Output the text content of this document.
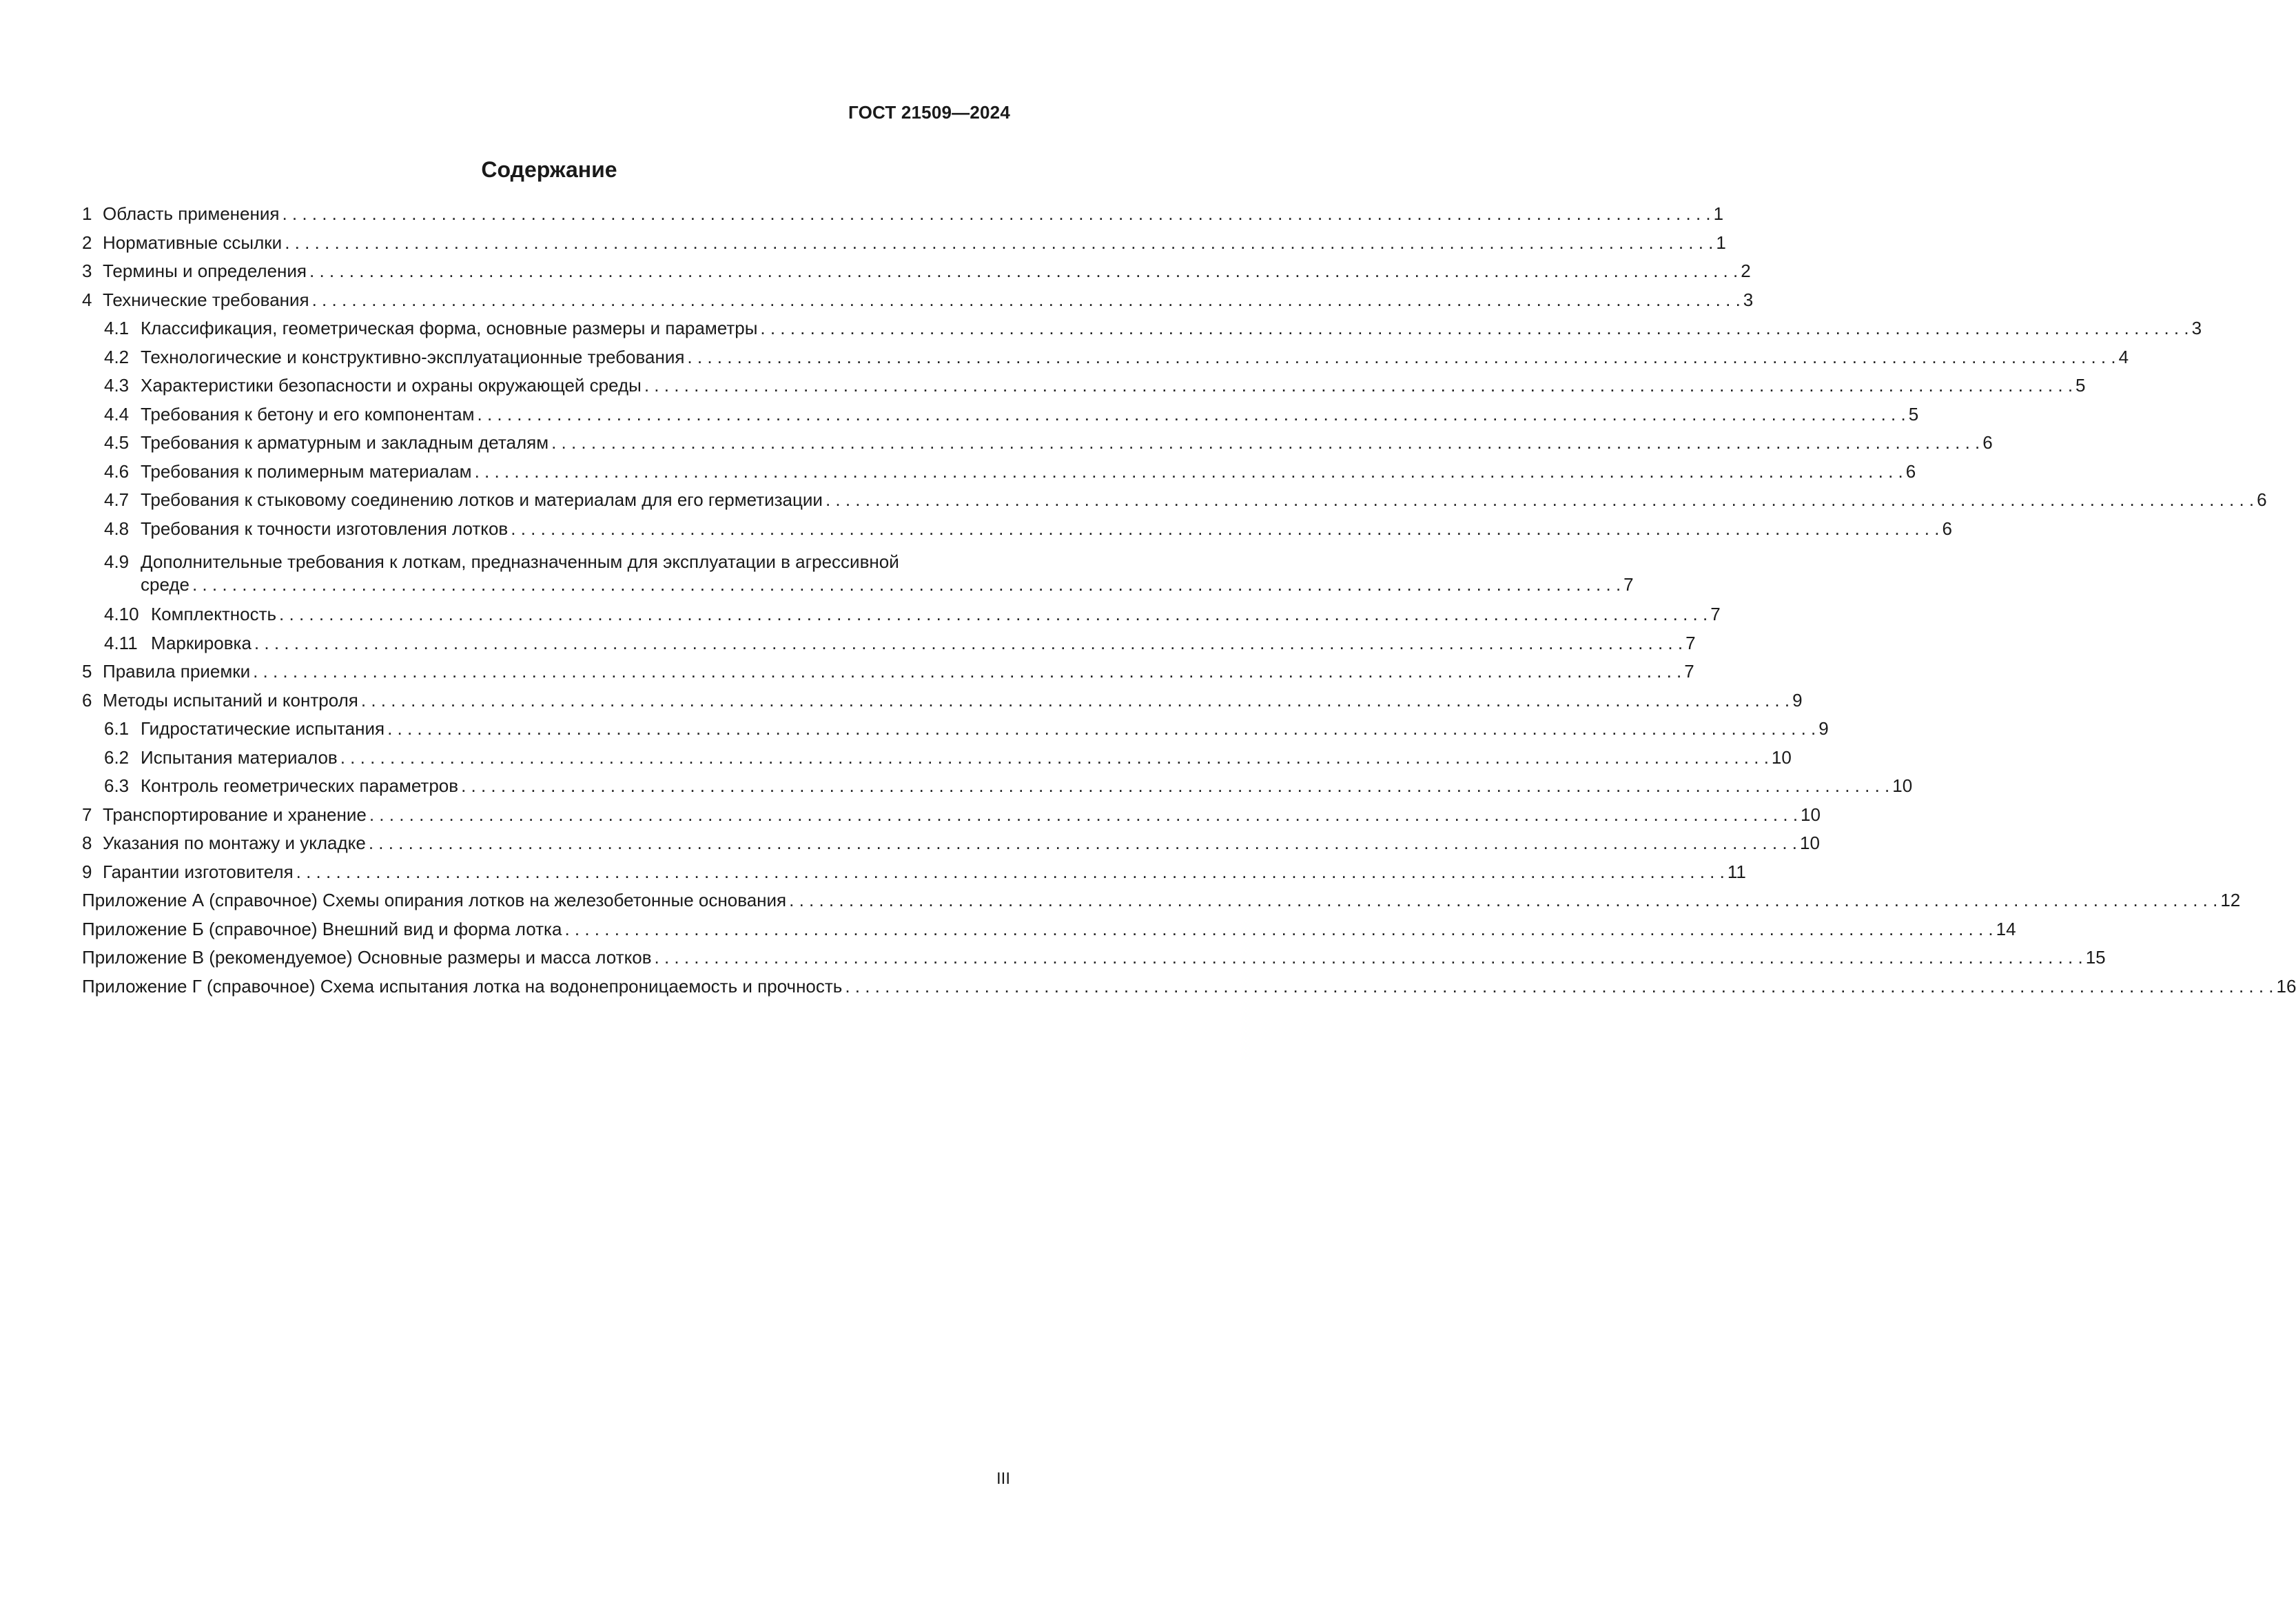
ГОСТ 21509—2024
Содержание
1 Область применения . . .	1
2 Нормативные ссылки . . .	1
3 Термины и определения . . .	2
4 Технические требования . . .	3
4.1 Классификация, геометрическая форма, основные размеры и параметры . . .	3
4.2 Технологические и конструктивно-эксплуатационные требования . . .	4
4.3 Характеристики безопасности и охраны окружающей среды . . .	5
4.4 Требования к бетону и его компонентам . . .	5
4.5 Требования к арматурным и закладным деталям . . .	6
4.6 Требования к полимерным материалам . . .	6
4.7 Требования к стыковому соединению лотков и материалам для его герметизации . . .	6
4.8 Требования к точности изготовления лотков . . .	6
4.9 Дополнительные требования к лоткам, предназначенным для эксплуатации в агрессивной
среде . . .	7
4.10 Комплектность . . .	7
4.11 Маркировка . . .	7
5 Правила приемки . . .	7
6 Методы испытаний и контроля . . .	9
6.1 Гидростатические испытания . . .	9
6.2 Испытания материалов . . .	10
6.3 Контроль геометрических параметров . . .	10
7 Транспортирование и хранение . . .	10
8 Указания по монтажу и укладке . . .	10
9 Гарантии изготовителя . . .	11
Приложение А (справочное) Схемы опирания лотков на железобетонные основания . . .	12
Приложение Б (справочное) Внешний вид и форма лотка . . .	14
Приложение В (рекомендуемое) Основные размеры и масса лотков . . .	15
Приложение Г (справочное) Схема испытания лотка на водонепроницаемость и прочность . . .	16
III
